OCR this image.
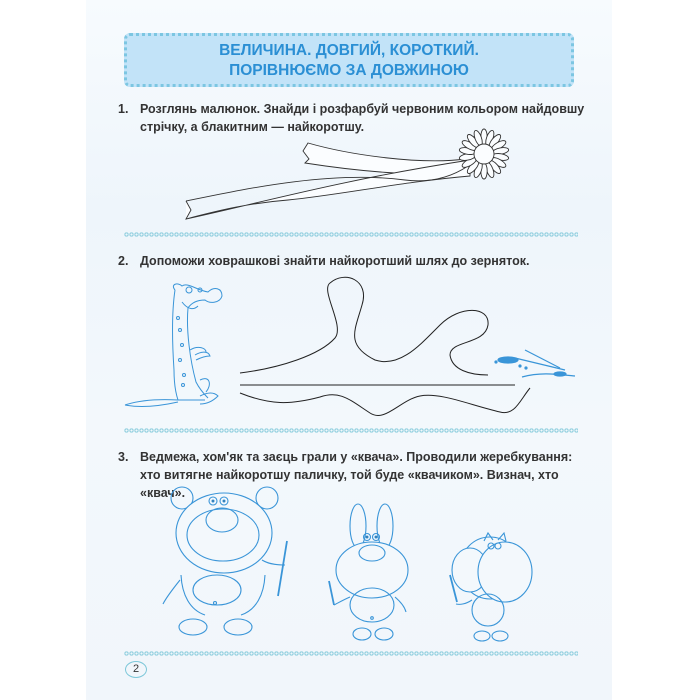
ВЕЛИЧИНА. ДОВГИЙ, КОРОТКИЙ.
ПОРІВНЮЄМО ЗА ДОВЖИНОЮ
1. Розглянь малюнок. Знайди і розфарбуй червоним кольором найдовшу стрічку, а блакитним — найкоротшу.
2. Допоможи ховрашкові знайти найкоротший шлях до зерняток.
3. Ведмежа, хом'як та заєць грали у «квача». Проводили жеребкування: хто витягне найкоротшу паличку, той буде «квачиком». Визнач, хто «квач».
2
